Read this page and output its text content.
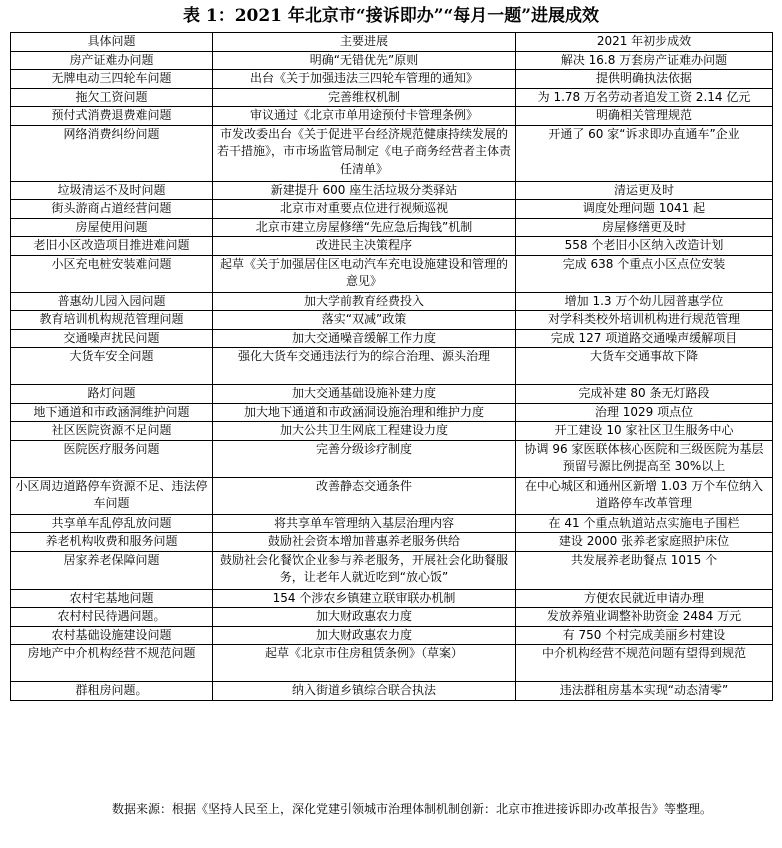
表 1：2021 年北京市“接诉即办”“每月一题”进展成效
具体问题	主要进展	2021 年初步成效
房产证难办问题	明确“无错优先”原则	解决 16.8 万套房产证难办问题
无牌电动三四轮车问题	出台《关于加强违法三四轮车管理的通知》	提供明确执法依据
拖欠工资问题	完善维权机制	为 1.78 万名劳动者追发工资 2.14 亿元
预付式消费退费难问题	审议通过《北京市单用途预付卡管理条例》	明确相关管理规范
网络消费纠纷问题	市发改委出台《关于促进平台经济规范健康持续发展的若干措施》，市市场监管局制定《电子商务经营者主体责任清单》	开通了 60 家“诉求即办直通车”企业
垃圾清运不及时问题	新建提升 600 座生活垃圾分类驿站	清运更及时
街头游商占道经营问题	北京市对重要点位进行视频巡视	调度处理问题 1041 起
房屋使用问题	北京市建立房屋修缮“先应急后掏钱”机制	房屋修缮更及时
老旧小区改造项目推进难问题	改进民主决策程序	558 个老旧小区纳入改造计划
小区充电桩安装难问题	起草《关于加强居住区电动汽车充电设施建设和管理的意见》	完成 638 个重点小区点位安装
普惠幼儿园入园问题	加大学前教育经费投入	增加 1.3 万个幼儿园普惠学位
教育培训机构规范管理问题	落实“双减”政策	对学科类校外培训机构进行规范管理
交通噪声扰民问题	加大交通噪音缓解工作力度	完成 127 项道路交通噪声缓解项目
大货车安全问题	强化大货车交通违法行为的综合治理、源头治理	大货车交通事故下降
路灯问题	加大交通基础设施补建力度	完成补建 80 条无灯路段
地下通道和市政涵洞维护问题	加大地下通道和市政涵洞设施治理和维护力度	治理 1029 项点位
社区医院资源不足问题	加大公共卫生网底工程建设力度	开工建设 10 家社区卫生服务中心
医院医疗服务问题	完善分级诊疗制度	协调 96 家医联体核心医院和三级医院为基层预留号源比例提高至 30%以上
小区周边道路停车资源不足、违法停车问题	改善静态交通条件	在中心城区和通州区新增 1.03 万个车位纳入道路停车改革管理
共享单车乱停乱放问题	将共享单车管理纳入基层治理内容	在 41 个重点轨道站点实施电子围栏
养老机构收费和服务问题	鼓励社会资本增加普惠养老服务供给	建设 2000 张养老家庭照护床位
居家养老保障问题	鼓励社会化餐饮企业参与养老服务，开展社会化助餐服务，让老年人就近吃到“放心饭”	共发展养老助餐点 1015 个
农村宅基地问题	154 个涉农乡镇建立联审联办机制	方便农民就近申请办理
农村村民待遇问题。	加大财政惠农力度	发放养殖业调整补助资金 2484 万元
农村基础设施建设问题	加大财政惠农力度	有 750 个村完成美丽乡村建设
房地产中介机构经营不规范问题	起草《北京市住房租赁条例》（草案）	中介机构经营不规范问题有望得到规范
群租房问题。	纳入街道乡镇综合联合执法	违法群租房基本实现“动态清零”
数据来源：根据《坚持人民至上，深化党建引领城市治理体制机制创新：北京市推进接诉即办改革报告》等整理。
